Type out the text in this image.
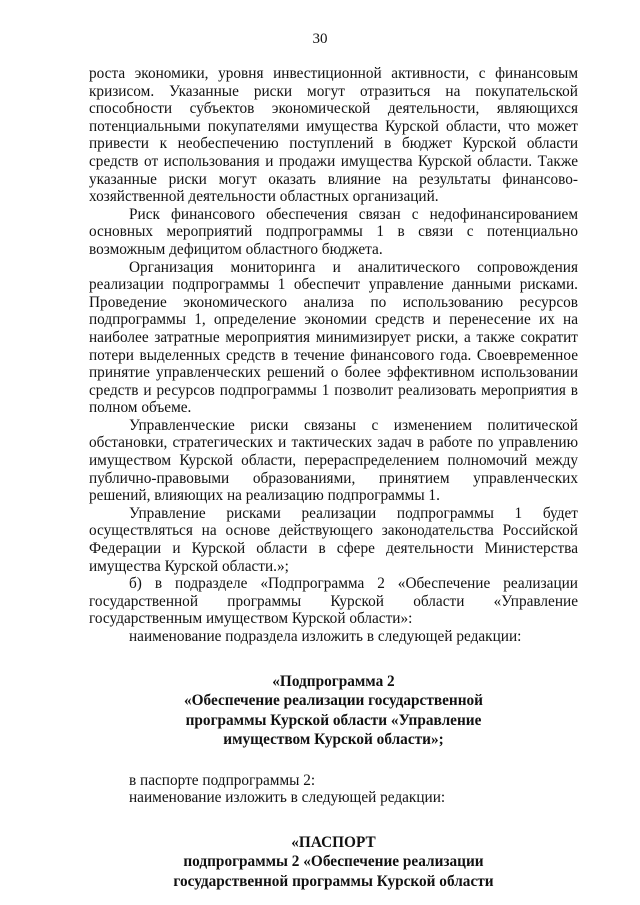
30

роста экономики, уровня инвестиционной активности, с финансовым кризисом. Указанные риски могут отразиться на покупательской способности субъектов экономической деятельности, являющихся потенциальными покупателями имущества Курской области, что может привести к необеспечению поступлений в бюджет Курской области средств от использования и продажи имущества Курской области. Также указанные риски могут оказать влияние на результаты финансово-хозяйственной деятельности областных организаций.

Риск финансового обеспечения связан с недофинансированием основных мероприятий подпрограммы 1 в связи с потенциально возможным дефицитом областного бюджета.

Организация мониторинга и аналитического сопровождения реализации подпрограммы 1 обеспечит управление данными рисками. Проведение экономического анализа по использованию ресурсов подпрограммы 1, определение экономии средств и перенесение их на наиболее затратные мероприятия минимизирует риски, а также сократит потери выделенных средств в течение финансового года. Своевременное принятие управленческих решений о более эффективном использовании средств и ресурсов подпрограммы 1 позволит реализовать мероприятия в полном объеме.

Управленческие риски связаны с изменением политической обстановки, стратегических и тактических задач в работе по управлению имуществом Курской области, перераспределением полномочий между публично-правовыми образованиями, принятием управленческих решений, влияющих на реализацию подпрограммы 1.

Управление рисками реализации подпрограммы 1 будет осуществляться на основе действующего законодательства Российской Федерации и Курской области в сфере деятельности Министерства имущества Курской области.»;

б) в подразделе «Подпрограмма 2 «Обеспечение реализации государственной программы Курской области «Управление государственным имуществом Курской области»:

наименование подраздела изложить в следующей редакции:

«Подпрограмма 2

«Обеспечение реализации государственной

программы Курской области «Управление

имуществом Курской области»;

в паспорте подпрограммы 2:

наименование изложить в следующей редакции:

«ПАСПОРТ

подпрограммы 2 «Обеспечение реализации

государственной программы Курской области
